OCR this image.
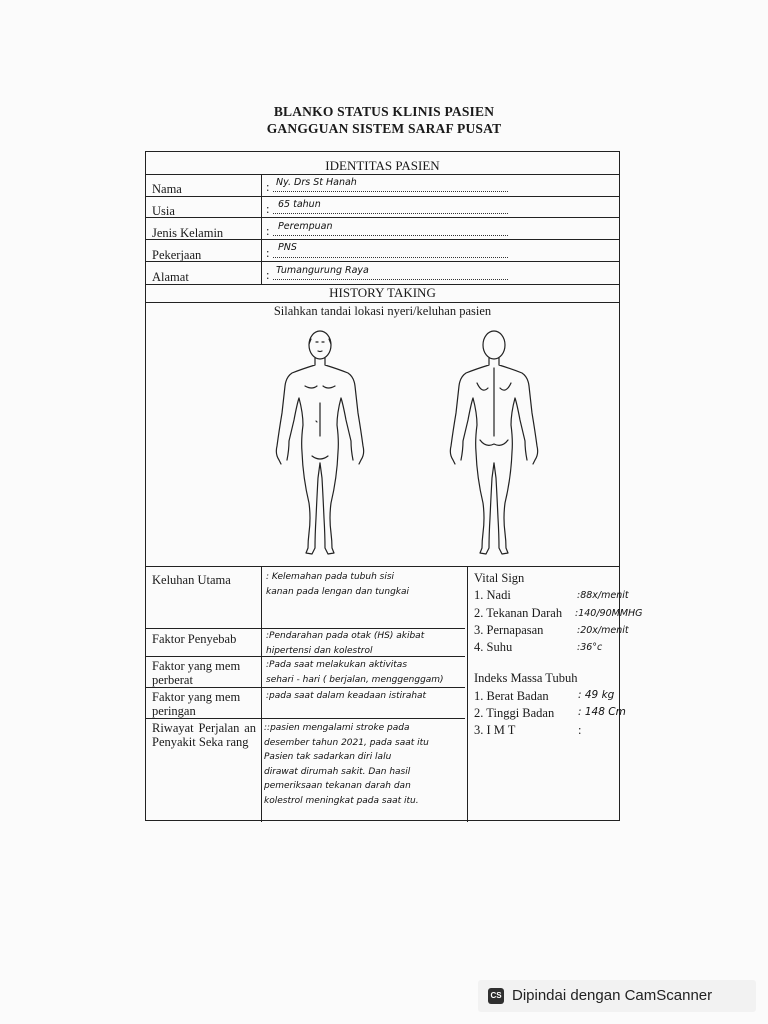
BLANKO STATUS KLINIS PASIEN
GANGGUAN SISTEM SARAF PUSAT
IDENTITAS PASIEN
Nama	: Ny. Drs St Hanah
Usia	: 65 tahun
Jenis Kelamin	: Perempuan
Pekerjaan	: PNS
Alamat	: Tumangurung Raya
HISTORY TAKING
Silahkan tandai lokasi nyeri/keluhan pasien
Keluhan Utama	: Kelemahan pada tubuh sisi
kanan pada lengan dan tungkai
Faktor Penyebab	:Pendarahan pada otak (HS) akibat
hipertensi dan kolestrol
Faktor yang mem
perberat
:Pada saat melakukan aktivitas
sehari - hari ( berjalan, menggenggam)
Faktor yang mem
peringan
:pada saat dalam keadaan istirahat
Riwayat Perjalan an Penyakit Seka rang
::pasien mengalami stroke pada
desember tahun 2021, pada saat itu
Pasien tak sadarkan diri lalu
dirawat dirumah sakit. Dan hasil
pemeriksaan tekanan darah dan
kolestrol meningkat pada saat itu.
Vital Sign
1. Nadi	:88x/menit
2. Tekanan Darah :140/90MMHG
3. Pernapasan	:20x/menit
4. Suhu	:36°c
Indeks Massa Tubuh
1. Berat Badan	: 49 kg
2. Tinggi Badan : 148 Cm
3. I M T	:
CS Dipindai dengan CamScanner
